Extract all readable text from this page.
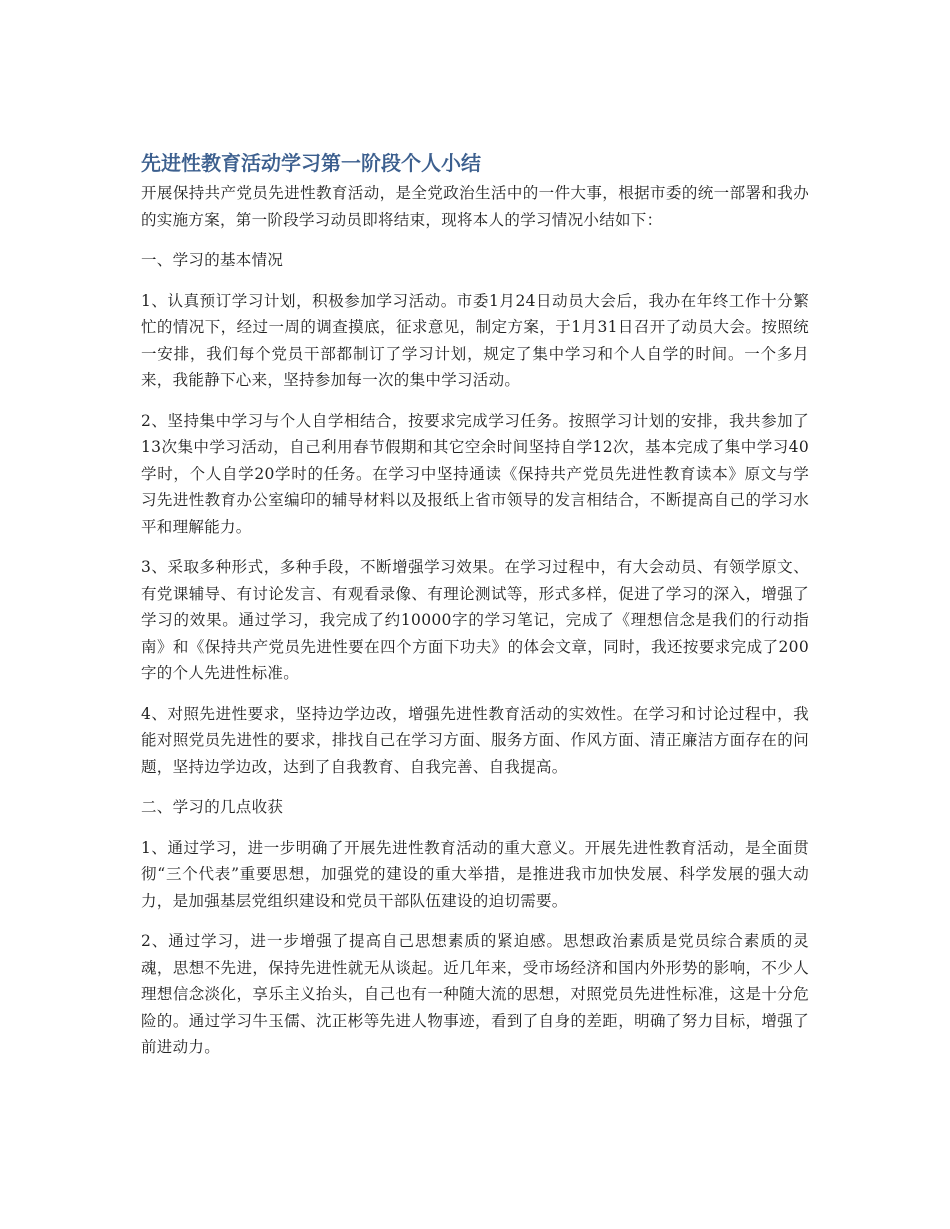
先进性教育活动学习第一阶段个人小结

开展保持共产党员先进性教育活动，是全党政治生活中的一件大事，根据市委的统一部署和我办的实施方案，第一阶段学习动员即将结束，现将本人的学习情况小结如下：

一、学习的基本情况

1、认真预订学习计划，积极参加学习活动。市委1月24日动员大会后，我办在年终工作十分繁忙的情况下，经过一周的调查摸底，征求意见，制定方案，于1月31日召开了动员大会。按照统一安排，我们每个党员干部都制订了学习计划，规定了集中学习和个人自学的时间。一个多月来，我能静下心来，坚持参加每一次的集中学习活动。

2、坚持集中学习与个人自学相结合，按要求完成学习任务。按照学习计划的安排，我共参加了13次集中学习活动，自己利用春节假期和其它空余时间坚持自学12次，基本完成了集中学习40学时，个人自学20学时的任务。在学习中坚持通读《保持共产党员先进性教育读本》原文与学习先进性教育办公室编印的辅导材料以及报纸上省市领导的发言相结合，不断提高自己的学习水平和理解能力。

3、采取多种形式，多种手段，不断增强学习效果。在学习过程中，有大会动员、有领学原文、有党课辅导、有讨论发言、有观看录像、有理论测试等，形式多样，促进了学习的深入，增强了学习的效果。通过学习，我完成了约10000字的学习笔记，完成了《理想信念是我们的行动指南》和《保持共产党员先进性要在四个方面下功夫》的体会文章，同时，我还按要求完成了200字的个人先进性标准。

4、对照先进性要求，坚持边学边改，增强先进性教育活动的实效性。在学习和讨论过程中，我能对照党员先进性的要求，排找自己在学习方面、服务方面、作风方面、清正廉洁方面存在的问题，坚持边学边改，达到了自我教育、自我完善、自我提高。

二、学习的几点收获

1、通过学习，进一步明确了开展先进性教育活动的重大意义。开展先进性教育活动，是全面贯彻“三个代表”重要思想，加强党的建设的重大举措，是推进我市加快发展、科学发展的强大动力，是加强基层党组织建设和党员干部队伍建设的迫切需要。

2、通过学习，进一步增强了提高自己思想素质的紧迫感。思想政治素质是党员综合素质的灵魂，思想不先进，保持先进性就无从谈起。近几年来，受市场经济和国内外形势的影响，不少人理想信念淡化，享乐主义抬头，自己也有一种随大流的思想，对照党员先进性标准，这是十分危险的。通过学习牛玉儒、沈正彬等先进人物事迹，看到了自身的差距，明确了努力目标，增强了前进动力。
